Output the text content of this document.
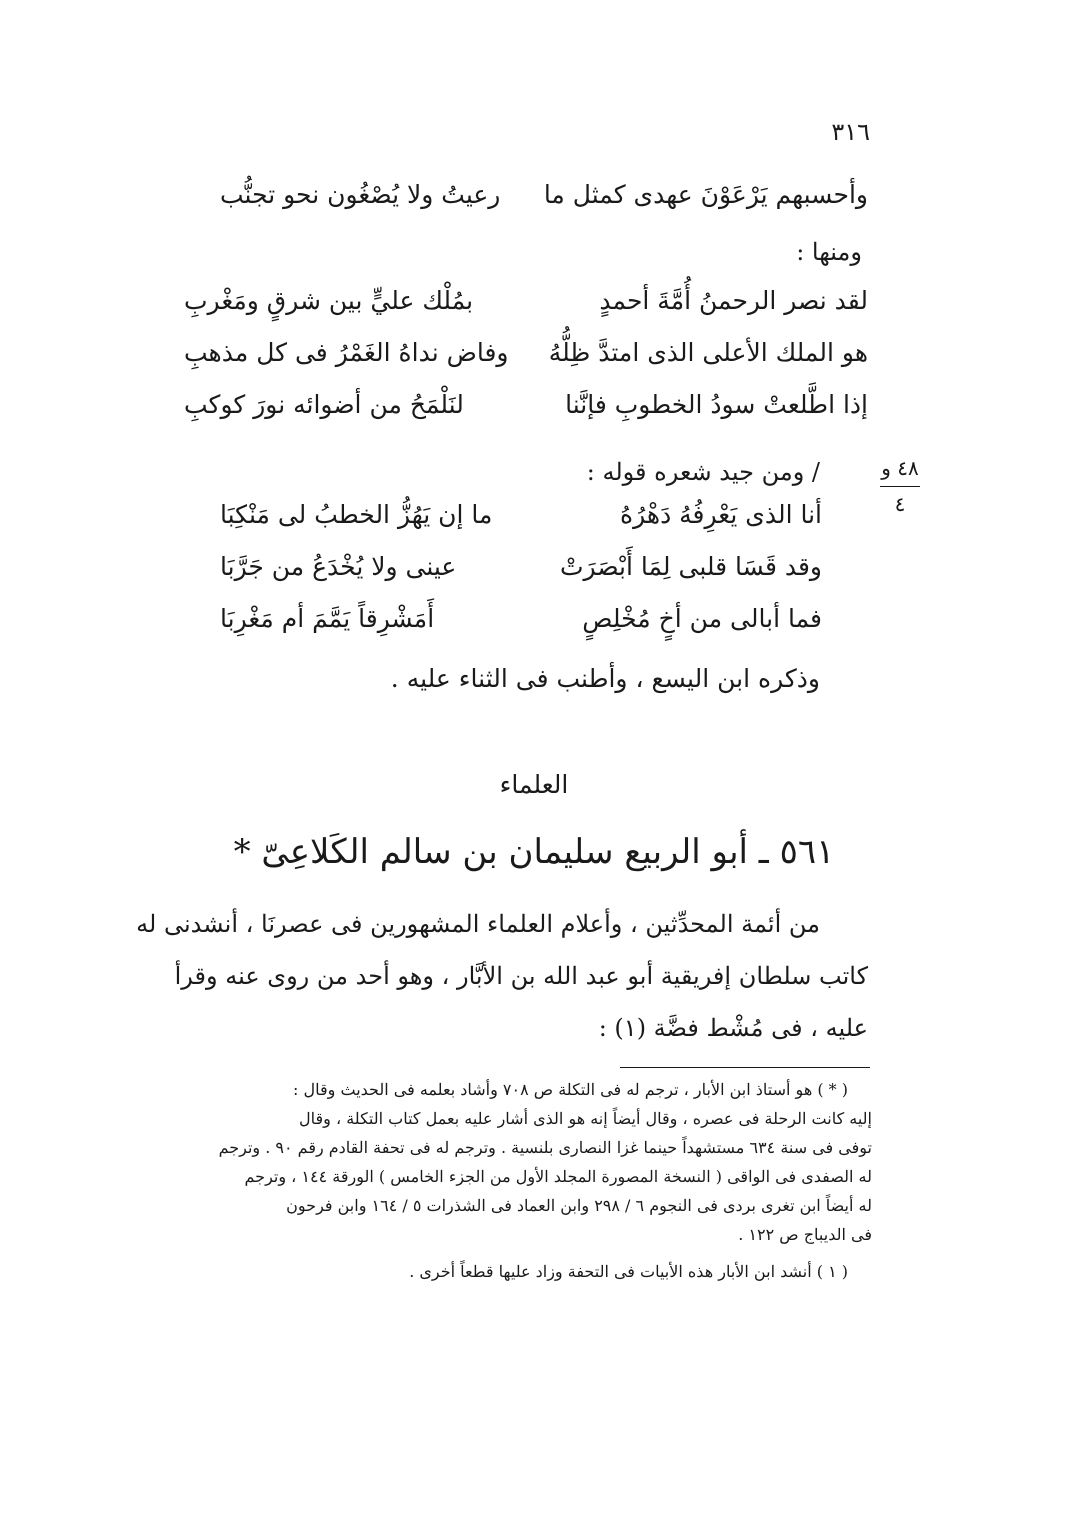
٣١٦
وأحسبهم يَرْعَوْنَ عهدى كمثل ما
رعيتُ ولا يُصْغُون نحو تجنُّب
ومنها :
لقد نصر الرحمنُ أُمَّةَ أحمدٍ
بمُلْك عليٍّ بين شرقٍ ومَغْربِ
هو الملك الأعلى الذى امتدَّ ظِلُّهُ
وفاض نداهُ الغَمْرُ فى كل مذهبِ
إذا اطَّلعتْ سودُ الخطوبِ فإنَّنا
لنَلْمَحُ من أضوائه نورَ كوكبِ
٤٨ و
٤
/ ومن جيد شعره قوله :
أنا الذى يَعْرِفُهُ دَهْرُهُ
ما إن يَهُزُّ الخطبُ لى مَنْكِبَا
وقد قَسَا قلبى لِمَا أَبْصَرَتْ
عينى ولا يُخْدَعُ من جَرَّبَا
فما أبالى من أخٍ مُخْلِصٍ
أَمَشْرِقاً يَمَّمَ أم مَغْرِبَا
وذكره ابن اليسع ، وأطنب فى الثناء عليه .
العلماء
٥٦١ ـ أبو الربيع سليمان بن سالم الكَلاعِىّ *
من أئمة المحدِّثين ، وأعلام العلماء المشهورين فى عصرنَا ، أنشدنى له
كاتب سلطان إفريقية أبو عبد الله بن الأبَّار ، وهو أحد من روى عنه وقرأ
عليه ، فى مُشْط فضَّة (١) :
( * ) هو أستاذ ابن الأبار ، ترجم له فى التكلة ص ٧٠٨ وأشاد بعلمه فى الحديث وقال :
إليه كانت الرحلة فى عصره ، وقال أيضاً إنه هو الذى أشار عليه بعمل كتاب التكلة ، وقال
توفى فى سنة ٦٣٤ مستشهداً حينما غزا النصارى بلنسية . وترجم له فى تحفة القادم رقم ٩٠ . وترجم
له الصفدى فى الواقى ( النسخة المصورة المجلد الأول من الجزء الخامس ) الورقة ١٤٤ ، وترجم
له أيضاً ابن تغرى بردى فى النجوم ٦ / ٢٩٨ وابن العماد فى الشذرات ٥ / ١٦٤ وابن فرحون
فى الديباج ص ١٢٢ .
( ١ ) أنشد ابن الأبار هذه الأبيات فى التحفة وزاد عليها قطعاً أخرى .
